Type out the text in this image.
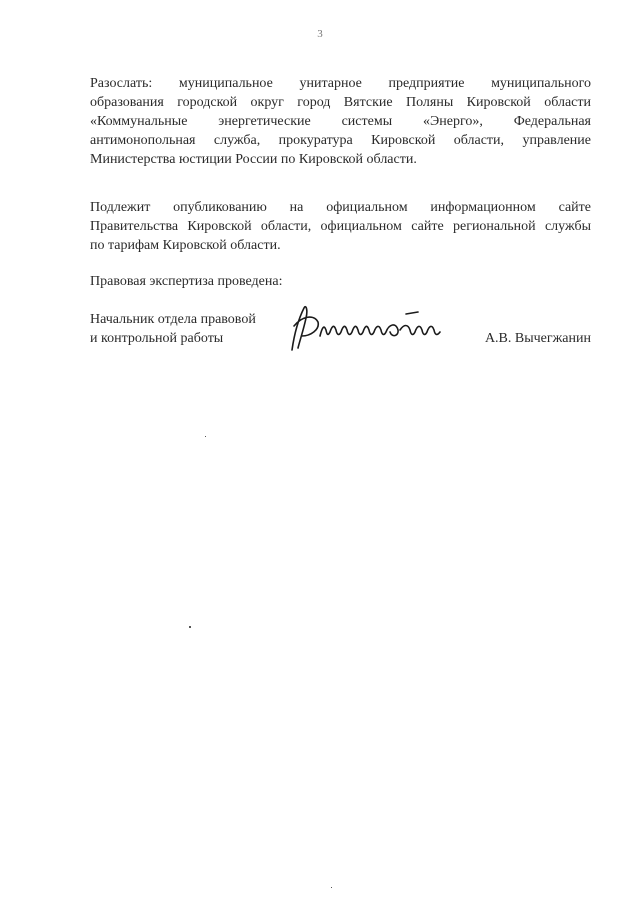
3
Разослать: муниципальное унитарное предприятие муниципального
образования городской округ город Вятские Поляны Кировской области
«Коммунальные энергетические системы «Энерго», Федеральная
антимонопольная служба, прокуратура Кировской области, управление
Министерства юстиции России по Кировской области.
Подлежит опубликованию на официальном информационном сайте
Правительства Кировской области, официальном сайте региональной службы
по тарифам Кировской области.
Правовая экспертиза проведена:
Начальник отдела правовой
и контрольной работы	А.В. Вычегжанин
